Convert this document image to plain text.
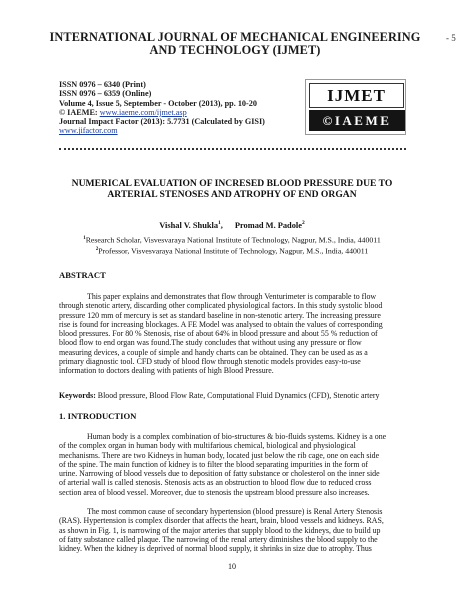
INTERNATIONAL JOURNAL OF MECHANICAL ENGINEERING
AND TECHNOLOGY (IJMET)
- 5
ISSN 0976 – 6340 (Print)
ISSN 0976 – 6359 (Online)
Volume 4, Issue 5, September - October (2013), pp. 10-20
© IAEME: www.iaeme.com/ijmet.asp
Journal Impact Factor (2013): 5.7731 (Calculated by GISI)
www.jifactor.com
IJMET
©IAEME
NUMERICAL EVALUATION OF INCRESED BLOOD PRESSURE DUE TO
ARTERIAL STENOSES AND ATROPHY OF END ORGAN
Vishal V. Shukla$^1$, Promad M. Padole$^2$
$^1$Research Scholar, Visvesvaraya National Institute of Technology, Nagpur, M.S., India, 440011
$^2$Professor, Visvesvaraya National Institute of Technology, Nagpur, M.S., India, 440011
ABSTRACT
This paper explains and demonstrates that flow through Venturimeter is comparable to flow
through stenotic artery, discarding other complicated physiological factors. In this study systolic blood
pressure 120 mm of mercury is set as standard baseline in non-stenotic artery. The increasing pressure
rise is found for increasing blockages. A FE Model was analysed to obtain the values of corresponding
blood pressures. For 80 % Stenosis, rise of about 64% in blood pressure and about 55 % reduction of
blood flow to end organ was found.The study concludes that without using any pressure or flow
measuring devices, a couple of simple and handy charts can be obtained. They can be used as as a
primary diagnostic tool. CFD study of blood flow through stenotic models provides easy-to-use
information to doctors dealing with patients of high Blood Pressure.
Keywords: Blood pressure, Blood Flow Rate, Computational Fluid Dynamics (CFD), Stenotic artery
1. INTRODUCTION
Human body is a complex combination of bio-structures & bio-fluids systems. Kidney is a one
of the complex organ in human body with multifarious chemical, biological and physiological
mechanisms. There are two Kidneys in human body, located just below the rib cage, one on each side
of the spine. The main function of kidney is to filter the blood separating impurities in the form of
urine. Narrowing of blood vessels due to deposition of fatty substance or cholesterol on the inner side
of arterial wall is called stenosis. Stenosis acts as an obstruction to blood flow due to reduced cross
section area of blood vessel. Moreover, due to stenosis the upstream blood pressure also increases.
The most common cause of secondary hypertension (blood pressure) is Renal Artery Stenosis
(RAS). Hypertension is complex disorder that affects the heart, brain, blood vessels and kidneys. RAS,
as shown in Fig. 1, is narrowing of the major arteries that supply blood to the kidneys, due to build up
of fatty substance called plaque. The narrowing of the renal artery diminishes the blood supply to the
kidney. When the kidney is deprived of normal blood supply, it shrinks in size due to atrophy. Thus
10
